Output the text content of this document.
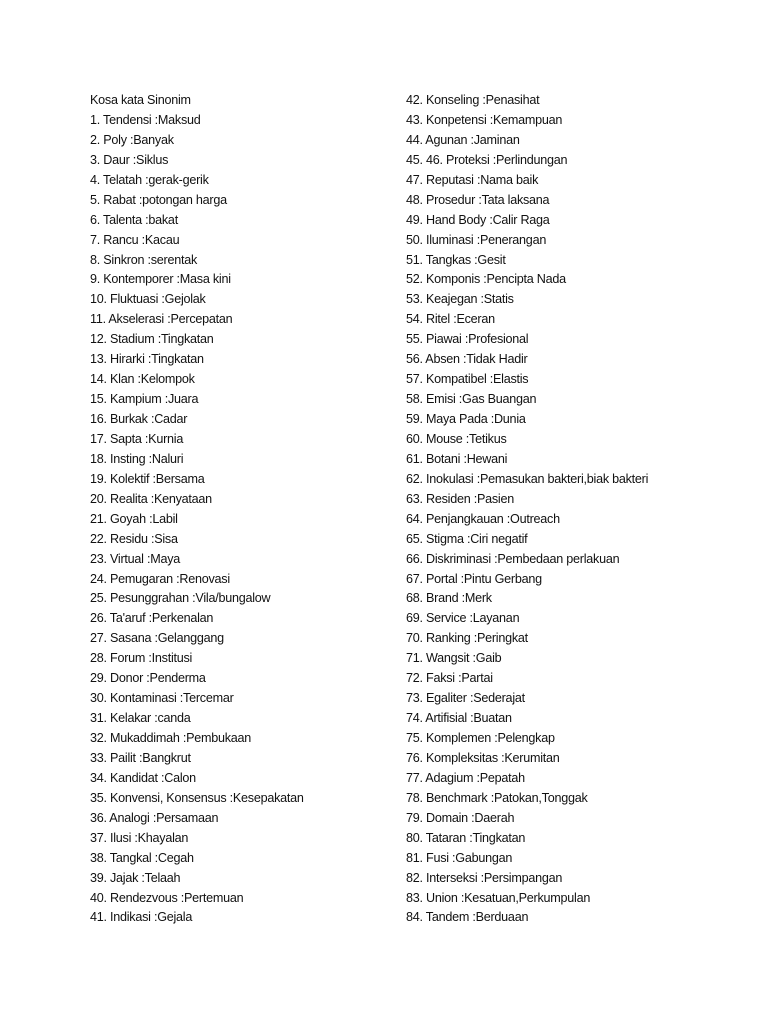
Kosa kata Sinonim
1. Tendensi :Maksud
2. Poly :Banyak
3. Daur :Siklus
4. Telatah :gerak-gerik
5. Rabat :potongan harga
6. Talenta :bakat
7. Rancu :Kacau
8. Sinkron :serentak
9. Kontemporer :Masa kini
10. Fluktuasi :Gejolak
11. Akselerasi :Percepatan
12. Stadium :Tingkatan
13. Hirarki :Tingkatan
14. Klan :Kelompok
15. Kampium :Juara
16. Burkak :Cadar
17. Sapta :Kurnia
18. Insting :Naluri
19. Kolektif :Bersama
20. Realita :Kenyataan
21. Goyah :Labil
22. Residu :Sisa
23. Virtual :Maya
24. Pemugaran :Renovasi
25. Pesunggrahan :Vila/bungalow
26. Ta'aruf :Perkenalan
27. Sasana :Gelanggang
28. Forum :Institusi
29. Donor :Penderma
30. Kontaminasi :Tercemar
31. Kelakar :canda
32. Mukaddimah :Pembukaan
33. Pailit :Bangkrut
34. Kandidat :Calon
35. Konvensi, Konsensus :Kesepakatan
36. Analogi :Persamaan
37. Ilusi :Khayalan
38. Tangkal :Cegah
39. Jajak :Telaah
40. Rendezvous :Pertemuan
41. Indikasi :Gejala
42. Konseling :Penasihat
43. Konpetensi :Kemampuan
44. Agunan :Jaminan
45. 46. Proteksi :Perlindungan
47. Reputasi :Nama baik
48. Prosedur :Tata laksana
49. Hand Body :Calir Raga
50. Iluminasi :Penerangan
51. Tangkas :Gesit
52. Komponis :Pencipta Nada
53. Keajegan :Statis
54. Ritel :Eceran
55. Piawai :Profesional
56. Absen :Tidak Hadir
57. Kompatibel :Elastis
58. Emisi :Gas Buangan
59. Maya Pada :Dunia
60. Mouse :Tetikus
61. Botani :Hewani
62. Inokulasi :Pemasukan bakteri,biak bakteri
63. Residen :Pasien
64. Penjangkauan :Outreach
65. Stigma :Ciri negatif
66. Diskriminasi :Pembedaan perlakuan
67. Portal :Pintu Gerbang
68. Brand :Merk
69. Service :Layanan
70. Ranking :Peringkat
71. Wangsit :Gaib
72. Faksi :Partai
73. Egaliter :Sederajat
74. Artifisial :Buatan
75. Komplemen :Pelengkap
76. Kompleksitas :Kerumitan
77. Adagium :Pepatah
78. Benchmark :Patokan,Tonggak
79. Domain :Daerah
80. Tataran :Tingkatan
81. Fusi :Gabungan
82. Interseksi :Persimpangan
83. Union :Kesatuan,Perkumpulan
84. Tandem :Berduaan
